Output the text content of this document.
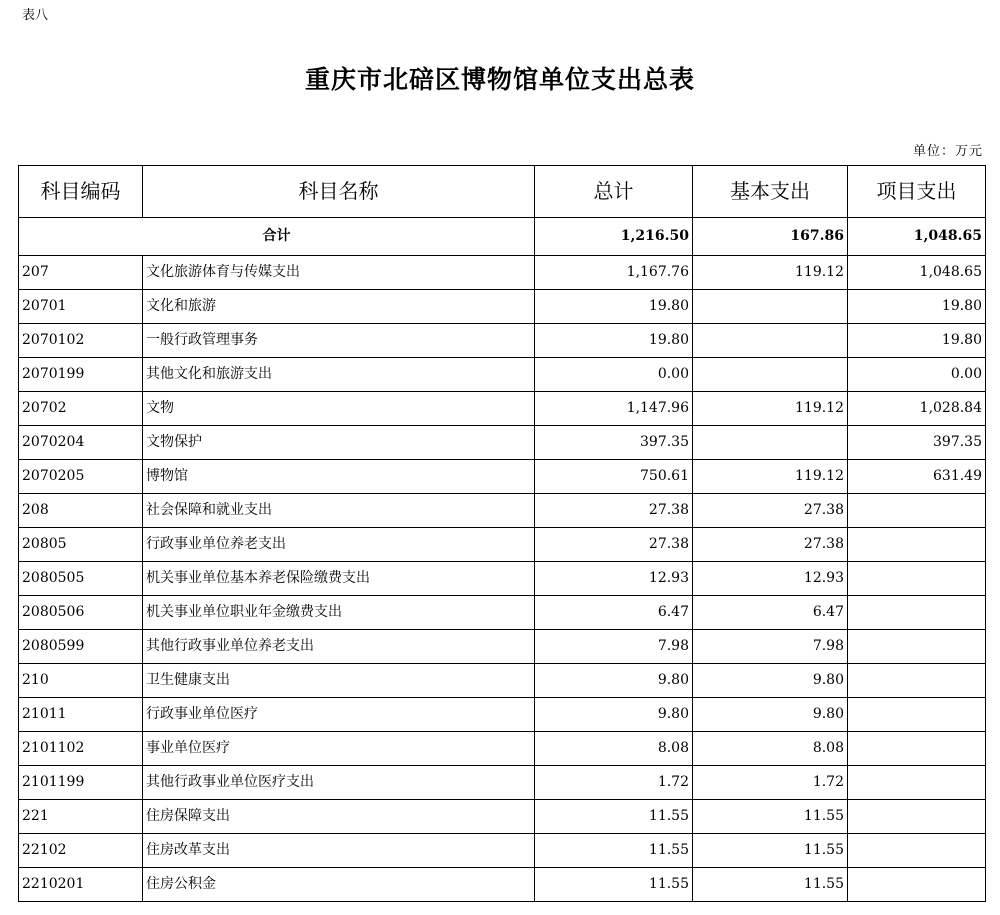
表八
重庆市北碚区博物馆单位支出总表
单位：万元
科目编码	科目名称	总计	基本支出	项目支出
合计		1,216.50	167.86	1,048.65
207	文化旅游体育与传媒支出	1,167.76	119.12	1,048.65
20701	文化和旅游	19.80		19.80
2070102	一般行政管理事务	19.80		19.80
2070199	其他文化和旅游支出	0.00		0.00
20702	文物	1,147.96	119.12	1,028.84
2070204	文物保护	397.35		397.35
2070205	博物馆	750.61	119.12	631.49
208	社会保障和就业支出	27.38	27.38	
20805	行政事业单位养老支出	27.38	27.38	
2080505	机关事业单位基本养老保险缴费支出	12.93	12.93	
2080506	机关事业单位职业年金缴费支出	6.47	6.47	
2080599	其他行政事业单位养老支出	7.98	7.98	
210	卫生健康支出	9.80	9.80	
21011	行政事业单位医疗	9.80	9.80	
2101102	事业单位医疗	8.08	8.08	
2101199	其他行政事业单位医疗支出	1.72	1.72	
221	住房保障支出	11.55	11.55	
22102	住房改革支出	11.55	11.55	
2210201	住房公积金	11.55	11.55	
